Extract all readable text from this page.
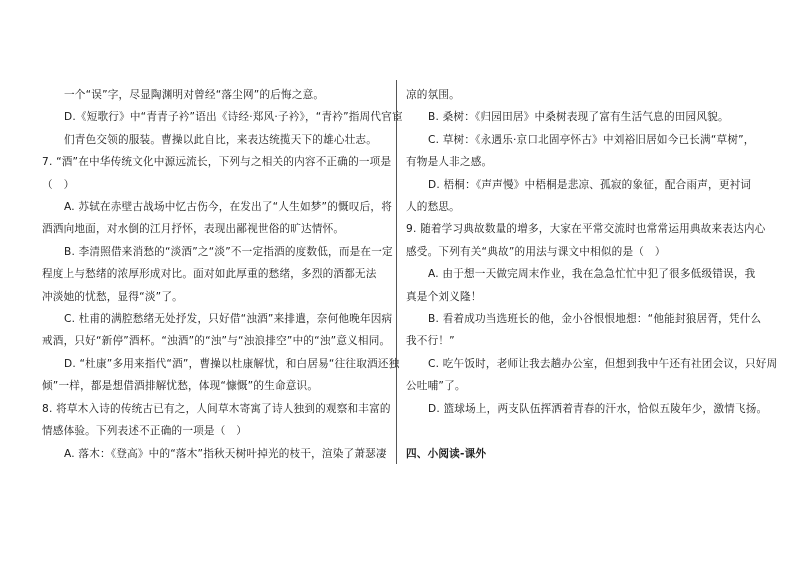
一个“误”字，尽显陶渊明对曾经“落尘网”的后悔之意。

D.《短歌行》中“青青子衿”语出《诗经·郑风·子衿》，“青衿”指周代官宦

们青色交领的服装。曹操以此自比，来表达统揽天下的雄心壮志。

7. “酒”在中华传统文化中源远流长，下列与之相关的内容不正确的一项是

（　）

A. 苏轼在赤壁古战场中忆古伤今，在发出了“人生如梦”的慨叹后，将

酒洒向地面，对水倒的江月抒怀，表现出鄙视世俗的旷达情怀。

B. 李清照借来消愁的“淡酒”之“淡”不一定指酒的度数低，而是在一定

程度上与愁绪的浓厚形成对比。面对如此厚重的愁绪，多烈的酒都无法

冲淡她的忧愁，显得“淡”了。

C. 杜甫的满腔愁绪无处抒发，只好借“浊酒”来排遣，奈何他晚年因病

戒酒，只好“新停”酒杯。“浊酒”的“浊”与“浊浪排空”中的“浊”意义相同。

D. “杜康”多用来指代“酒”，曹操以杜康解忧，和白居易“往往取酒还独

倾”一样，都是想借酒排解忧愁，体现“慷慨”的生命意识。

8. 将草木入诗的传统古已有之，人间草木寄寓了诗人独到的观察和丰富的

情感体验。下列表述不正确的一项是（　）

A. 落木：《登高》中的“落木”指秋天树叶掉光的枝干，渲染了萧瑟凄

凉的氛围。

B. 桑树：《归园田居》中桑树表现了富有生活气息的田园风貌。

C. 草树：《永遇乐·京口北固亭怀古》中刘裕旧居如今已长满“草树”，

有物是人非之感。

D. 梧桐：《声声慢》中梧桐是悲凉、孤寂的象征，配合雨声，更衬词

人的愁思。

9. 随着学习典故数量的增多，大家在平常交流时也常常运用典故来表达内心

感受。下列有关“典故”的用法与课文中相似的是（　）

A. 由于想一天做完周末作业，我在急急忙忙中犯了很多低级错误，我

真是个刘义隆！

B. 看着成功当选班长的他，金小谷恨恨地想：“他能封狼居胥，凭什么

我不行！”

C. 吃午饭时，老师让我去趟办公室，但想到我中午还有社团会议，只好周

公吐哺”了。

D. 篮球场上，两支队伍挥洒着青春的汗水，恰似五陵年少，激情飞扬。

四、小阅读-课外
